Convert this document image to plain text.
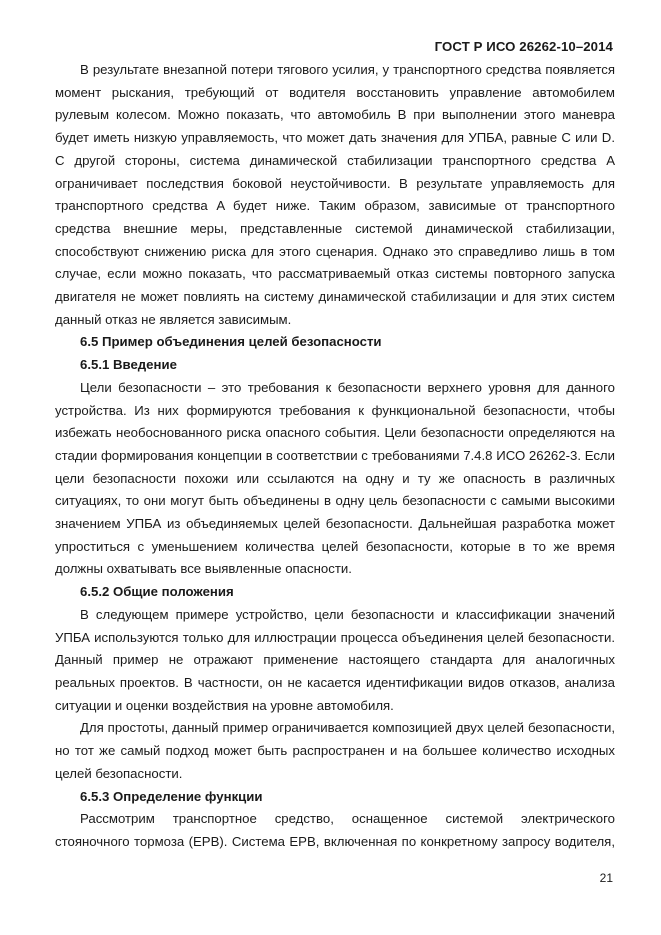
ГОСТ Р ИСО 26262-10–2014

В результате внезапной потери тягового усилия, у транспортного средства появляется момент рыскания, требующий от водителя восстановить управление автомобилем рулевым колесом. Можно показать, что автомобиль B при выполнении этого маневра будет иметь низкую управляемость, что может дать значения для УПБА, равные C или D. С другой стороны, система динамической стабилизации транспортного средства A ограничивает последствия боковой неустойчивости. В результате управляемость для транспортного средства A будет ниже. Таким образом, зависимые от транспортного средства внешние меры, представленные системой динамической стабилизации, способствуют снижению риска для этого сценария. Однако это справедливо лишь в том случае, если можно показать, что рассматриваемый отказ системы повторного запуска двигателя не может повлиять на систему динамической стабилизации и для этих систем данный отказ не является зависимым.

6.5 Пример объединения целей безопасности
6.5.1 Введение

Цели безопасности – это требования к безопасности верхнего уровня для данного устройства. Из них формируются требования к функциональной безопасности, чтобы избежать необоснованного риска опасного события. Цели безопасности определяются на стадии формирования концепции в соответствии с требованиями 7.4.8 ИСО 26262-3. Если цели безопасности похожи или ссылаются на одну и ту же опасность в различных ситуациях, то они могут быть объединены в одну цель безопасности с самыми высокими значением УПБА из объединяемых целей безопасности. Дальнейшая разработка может упроститься с уменьшением количества целей безопасности, которые в то же время должны охватывать все выявленные опасности.

6.5.2 Общие положения

В следующем примере устройство, цели безопасности и классификации значений УПБА используются только для иллюстрации процесса объединения целей безопасности. Данный пример не отражают применение настоящего стандарта для аналогичных реальных проектов. В частности, он не касается идентификации видов отказов, анализа ситуации и оценки воздействия на уровне автомобиля.

Для простоты, данный пример ограничивается композицией двух целей безопасности, но тот же самый подход может быть распространен и на большее количество исходных целей безопасности.

6.5.3 Определение функции

Рассмотрим транспортное средство, оснащенное системой электрического стояночного тормоза (EPB). Система EPB, включенная по конкретному запросу водителя,

21
